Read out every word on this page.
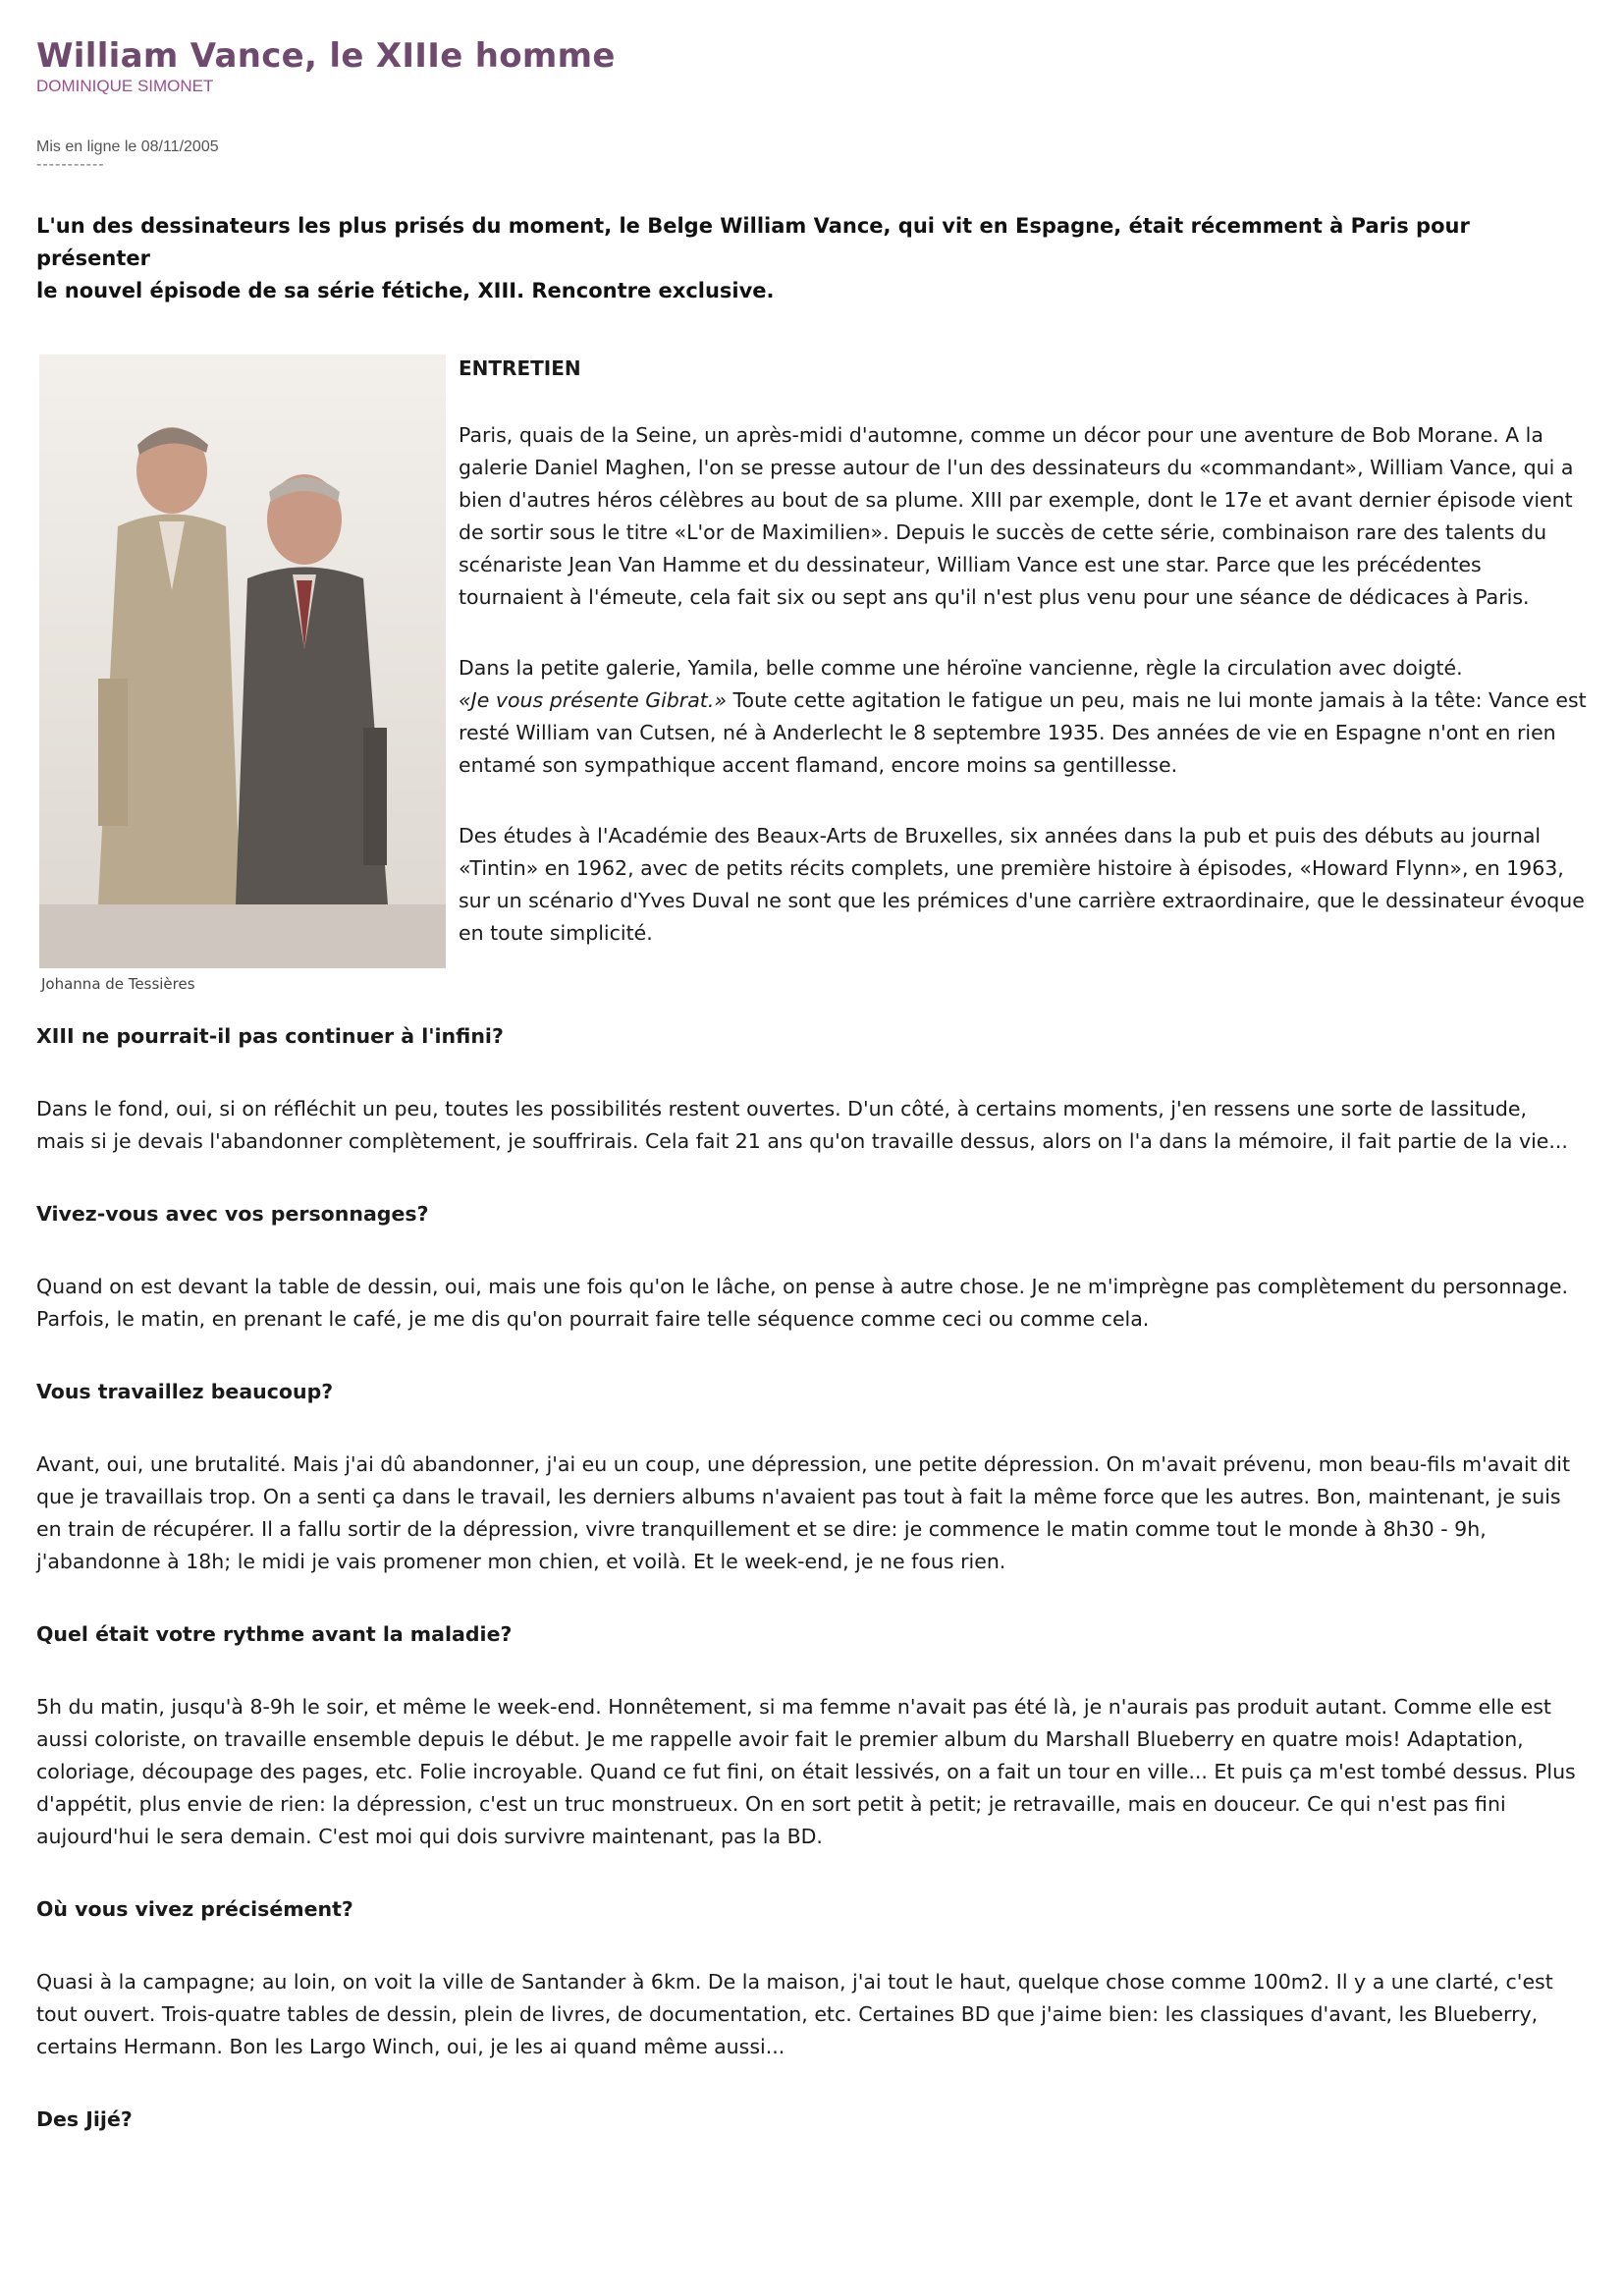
William Vance, le XIIIe homme
DOMINIQUE SIMONET
Mis en ligne le 08/11/2005
-----------

L'un des dessinateurs les plus prisés du moment, le Belge William Vance, qui vit en Espagne, était récemment à Paris pour présenter

le nouvel épisode de sa série fétiche, XIII. Rencontre exclusive.

Johanna de Tessières
ENTRETIEN

Paris, quais de la Seine, un après-midi d'automne, comme un décor pour une aventure de Bob Morane. A la galerie Daniel Maghen, l'on se presse autour de l'un des dessinateurs du «commandant», William Vance, qui a bien d'autres héros célèbres au bout de sa plume. XIII par exemple, dont le 17e et avant dernier épisode vient de sortir sous le titre «L'or de Maximilien». Depuis le succès de cette série, combinaison rare des talents du scénariste Jean Van Hamme et du dessinateur, William Vance est une star. Parce que les précédentes tournaient à l'émeute, cela fait six ou sept ans qu'il n'est plus venu pour une séance de dédicaces à Paris.

Dans la petite galerie, Yamila, belle comme une héroïne vancienne, règle la circulation avec doigté.
«Je vous présente Gibrat.» Toute cette agitation le fatigue un peu, mais ne lui monte jamais à la tête: Vance est resté William van Cutsen, né à Anderlecht le 8 septembre 1935. Des années de vie en Espagne n'ont en rien entamé son sympathique accent flamand, encore moins sa gentillesse.

Des études à l'Académie des Beaux-Arts de Bruxelles, six années dans la pub et puis des débuts au journal «Tintin» en 1962, avec de petits récits complets, une première histoire à épisodes, «Howard Flynn», en 1963, sur un scénario d'Yves Duval ne sont que les prémices d'une carrière extraordinaire, que le dessinateur évoque en toute simplicité.

XIII ne pourrait-il pas continuer à l'infini?

Dans le fond, oui, si on réfléchit un peu, toutes les possibilités restent ouvertes. D'un côté, à certains moments, j'en ressens une sorte de lassitude, mais si je devais l'abandonner complètement, je souffrirais. Cela fait 21 ans qu'on travaille dessus, alors on l'a dans la mémoire, il fait partie de la vie...

Vivez-vous avec vos personnages?

Quand on est devant la table de dessin, oui, mais une fois qu'on le lâche, on pense à autre chose. Je ne m'imprègne pas complètement du personnage. Parfois, le matin, en prenant le café, je me dis qu'on pourrait faire telle séquence comme ceci ou comme cela.

Vous travaillez beaucoup?

Avant, oui, une brutalité. Mais j'ai dû abandonner, j'ai eu un coup, une dépression, une petite dépression. On m'avait prévenu, mon beau-fils m'avait dit que je travaillais trop. On a senti ça dans le travail, les derniers albums n'avaient pas tout à fait la même force que les autres. Bon, maintenant, je suis en train de récupérer. Il a fallu sortir de la dépression, vivre tranquillement et se dire: je commence le matin comme tout le monde à 8h30 - 9h, j'abandonne à 18h; le midi je vais promener mon chien, et voilà. Et le week-end, je ne fous rien.

Quel était votre rythme avant la maladie?

5h du matin, jusqu'à 8-9h le soir, et même le week-end. Honnêtement, si ma femme n'avait pas été là, je n'aurais pas produit autant. Comme elle est aussi coloriste, on travaille ensemble depuis le début. Je me rappelle avoir fait le premier album du Marshall Blueberry en quatre mois! Adaptation, coloriage, découpage des pages, etc. Folie incroyable. Quand ce fut fini, on était lessivés, on a fait un tour en ville... Et puis ça m'est tombé dessus. Plus d'appétit, plus envie de rien: la dépression, c'est un truc monstrueux. On en sort petit à petit; je retravaille, mais en douceur. Ce qui n'est pas fini aujourd'hui le sera demain. C'est moi qui dois survivre maintenant, pas la BD.

Où vous vivez précisément?

Quasi à la campagne; au loin, on voit la ville de Santander à 6km. De la maison, j'ai tout le haut, quelque chose comme 100m2. Il y a une clarté, c'est tout ouvert. Trois-quatre tables de dessin, plein de livres, de documentation, etc. Certaines BD que j'aime bien: les classiques d'avant, les Blueberry, certains Hermann. Bon les Largo Winch, oui, je les ai quand même aussi...

Des Jijé?
